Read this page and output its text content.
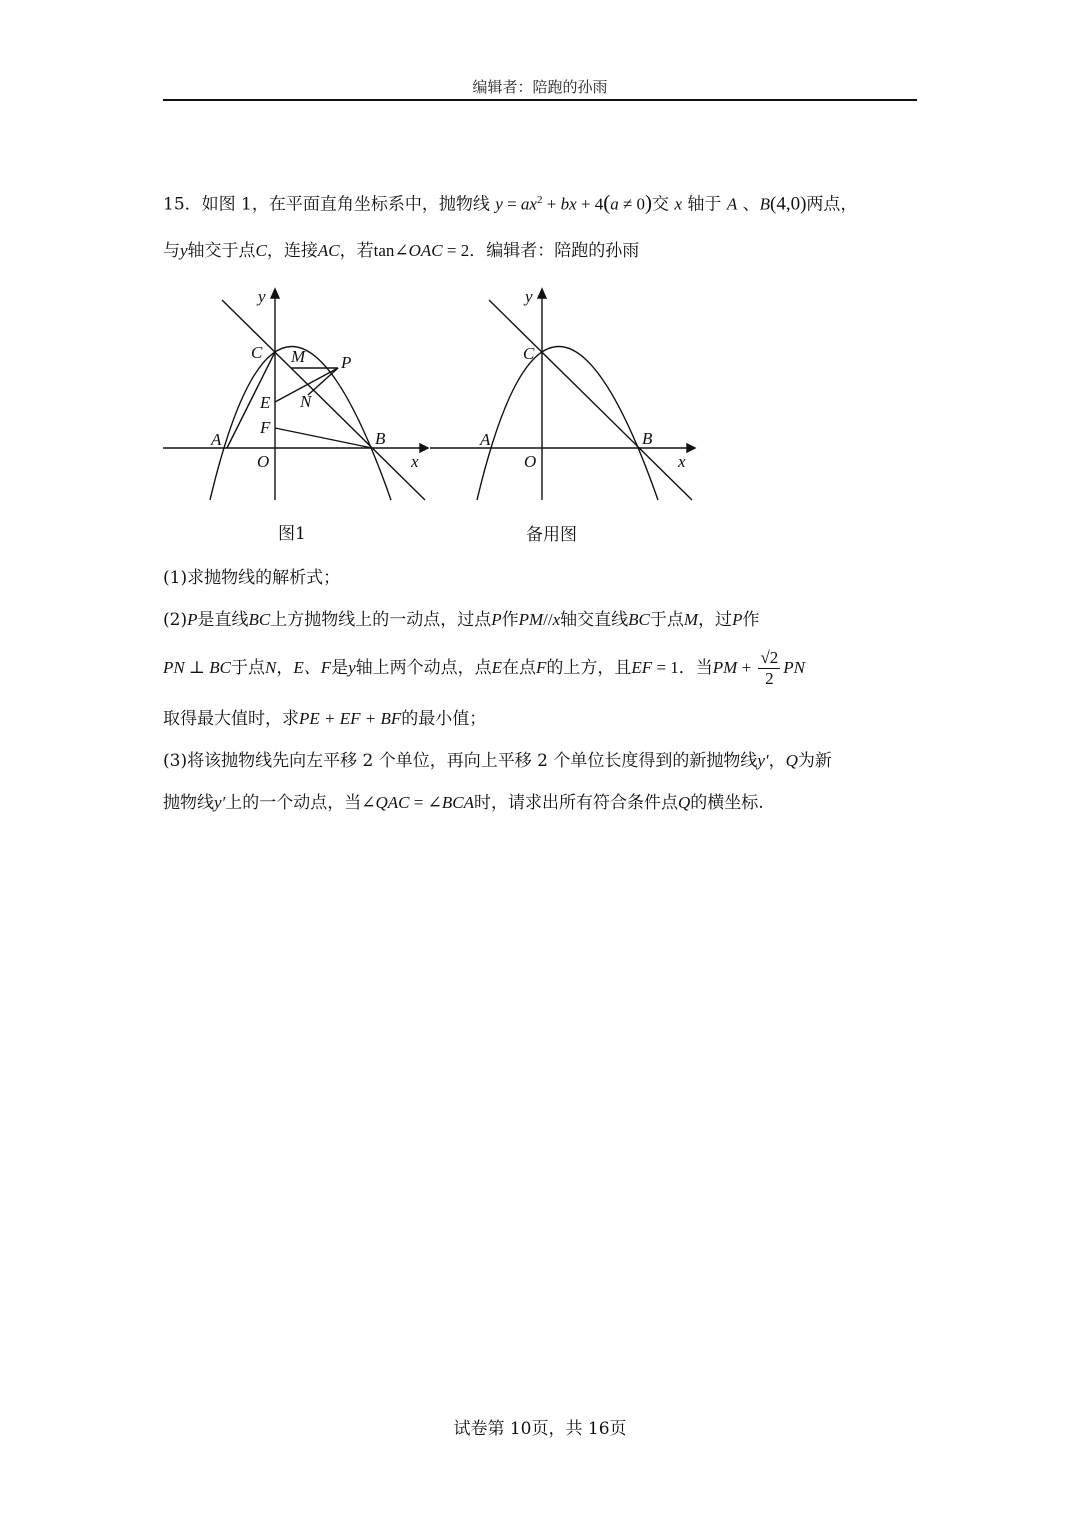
编辑者：陪跑的孙雨
15．如图 1，在平面直角坐标系中，抛物线 $y = ax^2$ + bx + 4(a ≠ 0)交 x 轴于 A 、B(4,0)两点，
与y轴交于点C，连接AC，若tan∠OAC = 2．编辑者：陪跑的孙雨
y
x
O
A	B
C M P
E N
F
图1
y
x
O
A	B
C
备用图
(1)求抛物线的解析式；
(2)P是直线BC上方抛物线上的一动点，过点P作PM//x轴交直线BC于点M，过P作
PN ⊥ BC于点N，E、F是y轴上两个动点，点E在点F的上方，且EF = 1．当PM + $\frac{√2}{2}$ PN
取得最大值时，求PE + EF + BF的最小值；
(3)将该抛物线先向左平移 2 个单位，再向上平移 2 个单位长度得到的新抛物线y′，Q为新
抛物线y′上的一个动点，当∠QAC = ∠BCA时，请求出所有符合条件点Q的横坐标.
试卷第 10页，共 16页
